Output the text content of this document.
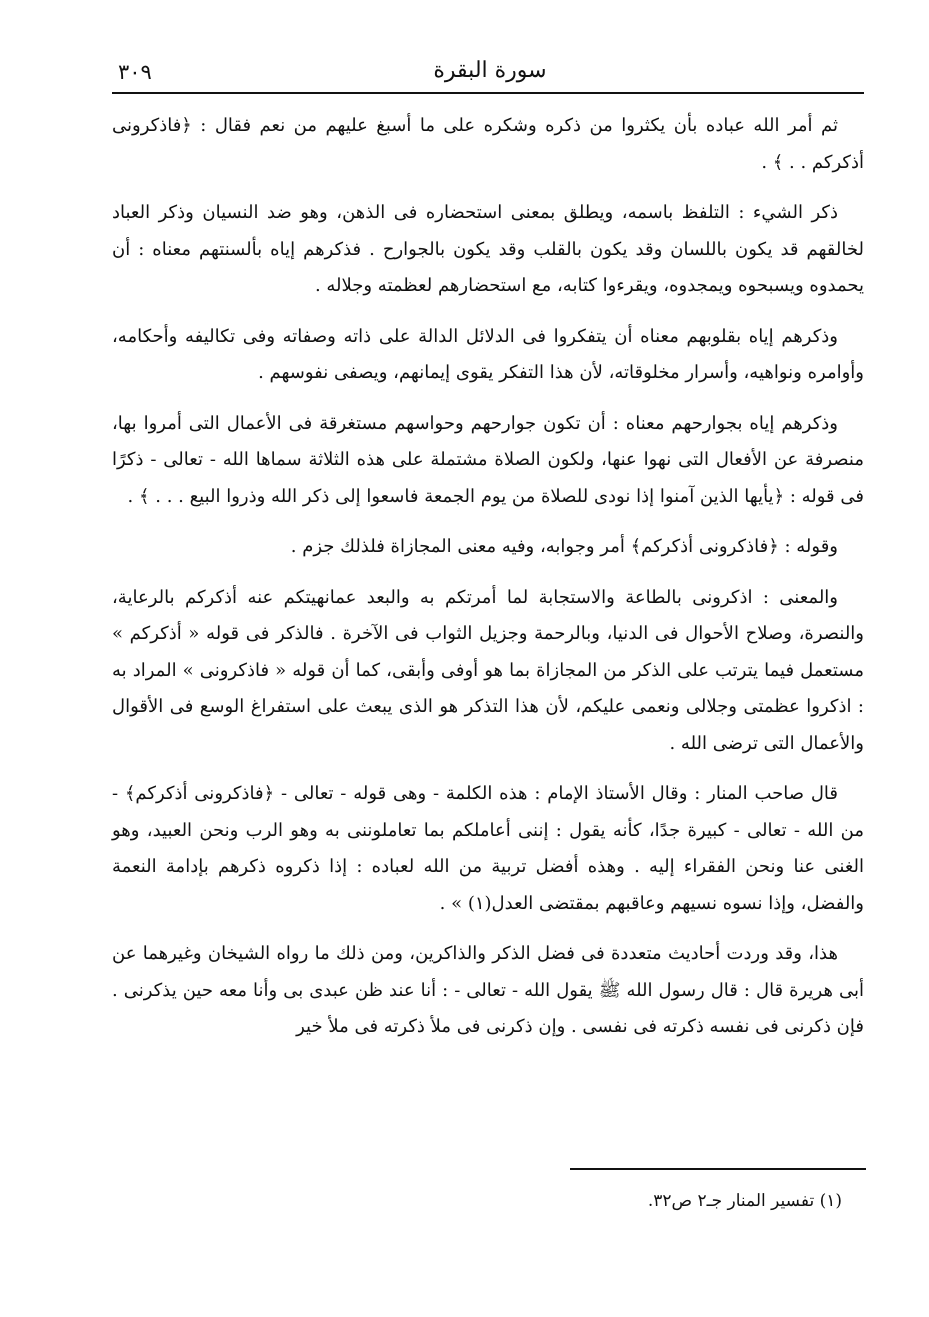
٣٠٩	سورة البقرة

ثم أمر الله عباده بأن يكثروا من ذكره وشكره على ما أسبغ عليهم من نعم فقال : ﴿فاذكرونى أذكركم . . ﴾ .

ذكر الشيء : التلفظ باسمه، ويطلق بمعنى استحضاره فى الذهن، وهو ضد النسيان وذكر العباد لخالقهم قد يكون باللسان وقد يكون بالقلب وقد يكون بالجوارح . فذكرهم إياه بألسنتهم معناه : أن يحمدوه ويسبحوه ويمجدوه، ويقرءوا كتابه، مع استحضارهم لعظمته وجلاله .

وذكرهم إياه بقلوبهم معناه أن يتفكروا فى الدلائل الدالة على ذاته وصفاته وفى تكاليفه وأحكامه، وأوامره ونواهيه، وأسرار مخلوقاته، لأن هذا التفكر يقوى إيمانهم، ويصفى نفوسهم .

وذكرهم إياه بجوارحهم معناه : أن تكون جوارحهم وحواسهم مستغرقة فى الأعمال التى أمروا بها، منصرفة عن الأفعال التى نهوا عنها، ولكون الصلاة مشتملة على هذه الثلاثة سماها الله - تعالى - ذكرًا فى قوله : ﴿يأيها الذين آمنوا إذا نودى للصلاة من يوم الجمعة فاسعوا إلى ذكر الله وذروا البيع . . . ﴾ .

وقوله : ﴿فاذكرونى أذكركم﴾ أمر وجوابه، وفيه معنى المجازاة فلذلك جزم .

والمعنى : اذكرونى بالطاعة والاستجابة لما أمرتكم به والبعد عمانهيتكم عنه أذكركم بالرعاية، والنصرة، وصلاح الأحوال فى الدنيا، وبالرحمة وجزيل الثواب فى الآخرة . فالذكر فى قوله « أذكركم » مستعمل فيما يترتب على الذكر من المجازاة بما هو أوفى وأبقى، كما أن قوله « فاذكرونى » المراد به : اذكروا عظمتى وجلالى ونعمى عليكم، لأن هذا التذكر هو الذى يبعث على استفراغ الوسع فى الأقوال والأعمال التى ترضى الله .

قال صاحب المنار : وقال الأستاذ الإمام : هذه الكلمة - وهى قوله - تعالى - ﴿فاذكرونى أذكركم﴾ - من الله - تعالى - كبيرة جدًا، كأنه يقول : إننى أعاملكم بما تعاملوننى به وهو الرب ونحن العبيد، وهو الغنى عنا ونحن الفقراء إليه . وهذه أفضل تربية من الله لعباده : إذا ذكروه ذكرهم بإدامة النعمة والفضل، وإذا نسوه نسيهم وعاقبهم بمقتضى العدل(١) » .

هذا، وقد وردت أحاديث متعددة فى فضل الذكر والذاكرين، ومن ذلك ما رواه الشيخان وغيرهما عن أبى هريرة قال : قال رسول الله ﷺ يقول الله - تعالى - : أنا عند ظن عبدى بى وأنا معه حين يذكرنى . فإن ذكرنى فى نفسه ذكرته فى نفسى . وإن ذكرنى فى ملأ ذكرته فى ملأ خير

(١) تفسير المنار جـ٢ ص٣٢.
